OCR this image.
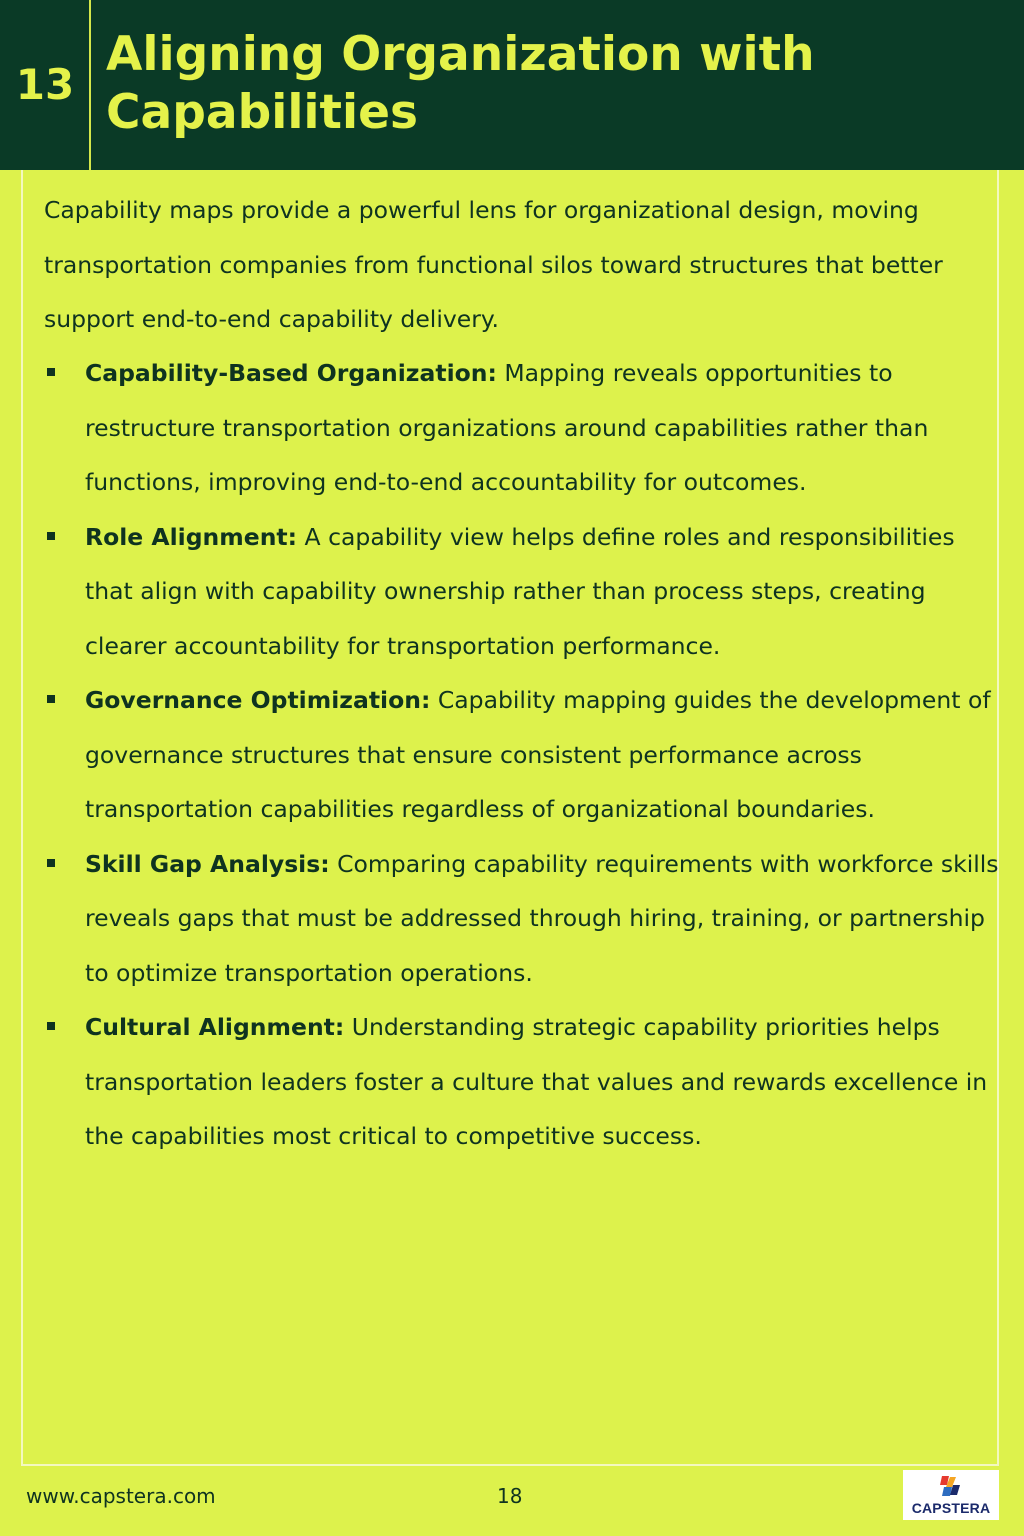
13
Aligning Organization with
Capabilities
Capability maps provide a powerful lens for organizational design, moving transportation companies from functional silos toward structures that better support end-to-end capability delivery.
Capability-Based Organization: Mapping reveals opportunities to restructure transportation organizations around capabilities rather than functions, improving end-to-end accountability for outcomes.
Role Alignment: A capability view helps define roles and responsibilities that align with capability ownership rather than process steps, creating clearer accountability for transportation performance.
Governance Optimization: Capability mapping guides the development of governance structures that ensure consistent performance across transportation capabilities regardless of organizational boundaries.
Skill Gap Analysis: Comparing capability requirements with workforce skills reveals gaps that must be addressed through hiring, training, or partnership to optimize transportation operations.
Cultural Alignment: Understanding strategic capability priorities helps transportation leaders foster a culture that values and rewards excellence in the capabilities most critical to competitive success.
www.capstera.com	18	CAPSTERA
